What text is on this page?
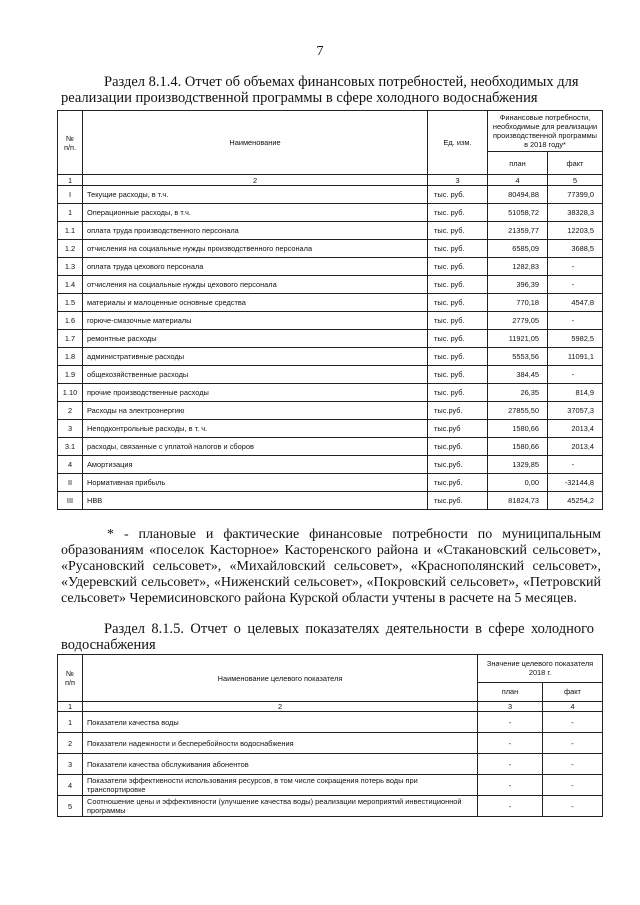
7
Раздел 8.1.4. Отчет об объемах финансовых потребностей, необходимых для
реализации производственной программы в сфере холодного водоснабжения
№ п/п.	Наименование	Ед. изм.	Финансовые потребности, необходимые для реализации производственной программы в 2018 году*	
			план	факт
1	2	3	4	5
I	Текущие расходы, в т.ч.	тыс. руб.	80494,88	77399,0
1	Операционные расходы, в т.ч.	тыс. руб.	51058,72	38328,3
1.1	оплата труда производственного персонала	тыс. руб.	21359,77	12203,5
1.2	отчисления на социальные нужды производственного персонала	тыс. руб.	6585,09	3688,5
1.3	оплата труда цехового персонала	тыс. руб.	1282,83	-
1.4	отчисления на социальные нужды цехового персонала	тыс. руб.	396,39	-
1.5	материалы и малоценные основные средства	тыс. руб.	770,18	4547,8
1.6	горюче-смазочные материалы	тыс. руб.	2779,05	-
1.7	ремонтные расходы	тыс. руб.	11921,05	5982,5
1.8	административные расходы	тыс. руб.	5553,56	11091,1
1.9	общехозяйственные расходы	тыс. руб.	384,45	-
1.10	прочие производственные расходы	тыс. руб.	26,35	814,9
2	Расходы на электроэнергию	тыс.руб.	27855,50	37057,3
3	Неподконтрольные расходы, в т. ч.	тыс.руб	1580,66	2013,4
3.1	расходы, связанные с уплатой налогов и сборов	тыс.руб.	1580,66	2013,4
4	Амортизация	тыс.руб.	1329,85	-
II	Нормативная прибыль	тыс.руб.	0,00	-32144,8
III	НВВ	тыс.руб.	81824,73	45254,2

* - плановые и фактические финансовые потребности по муниципальным образованиям «поселок Касторное» Касторенского района и «Стакановский сельсовет», «Русановский сельсовет», «Михайловский сельсовет», «Краснополянский сельсовет», «Удеревский сельсовет», «Ниженский сельсовет», «Покровский сельсовет», «Петровский сельсовет» Черемисиновского района Курской области учтены в расчете на 5 месяцев.

Раздел 8.1.5. Отчет о целевых показателях деятельности в сфере холодного
водоснабжения
№ п/п	Наименование целевого показателя	Значение целевого показателя 2018 г.	
		план	факт
1	2	3	4
1	Показатели качества воды	-	-
2	Показатели надежности и бесперебойности водоснабжения	-	-
3	Показатели качества обслуживания абонентов	-	-
4	Показатели эффективности использования ресурсов, в том числе сокращения потерь воды при транспортировке	-	-
5	Соотношение цены и эффективности (улучшение качества воды) реализации мероприятий инвестиционной программы	-	-
